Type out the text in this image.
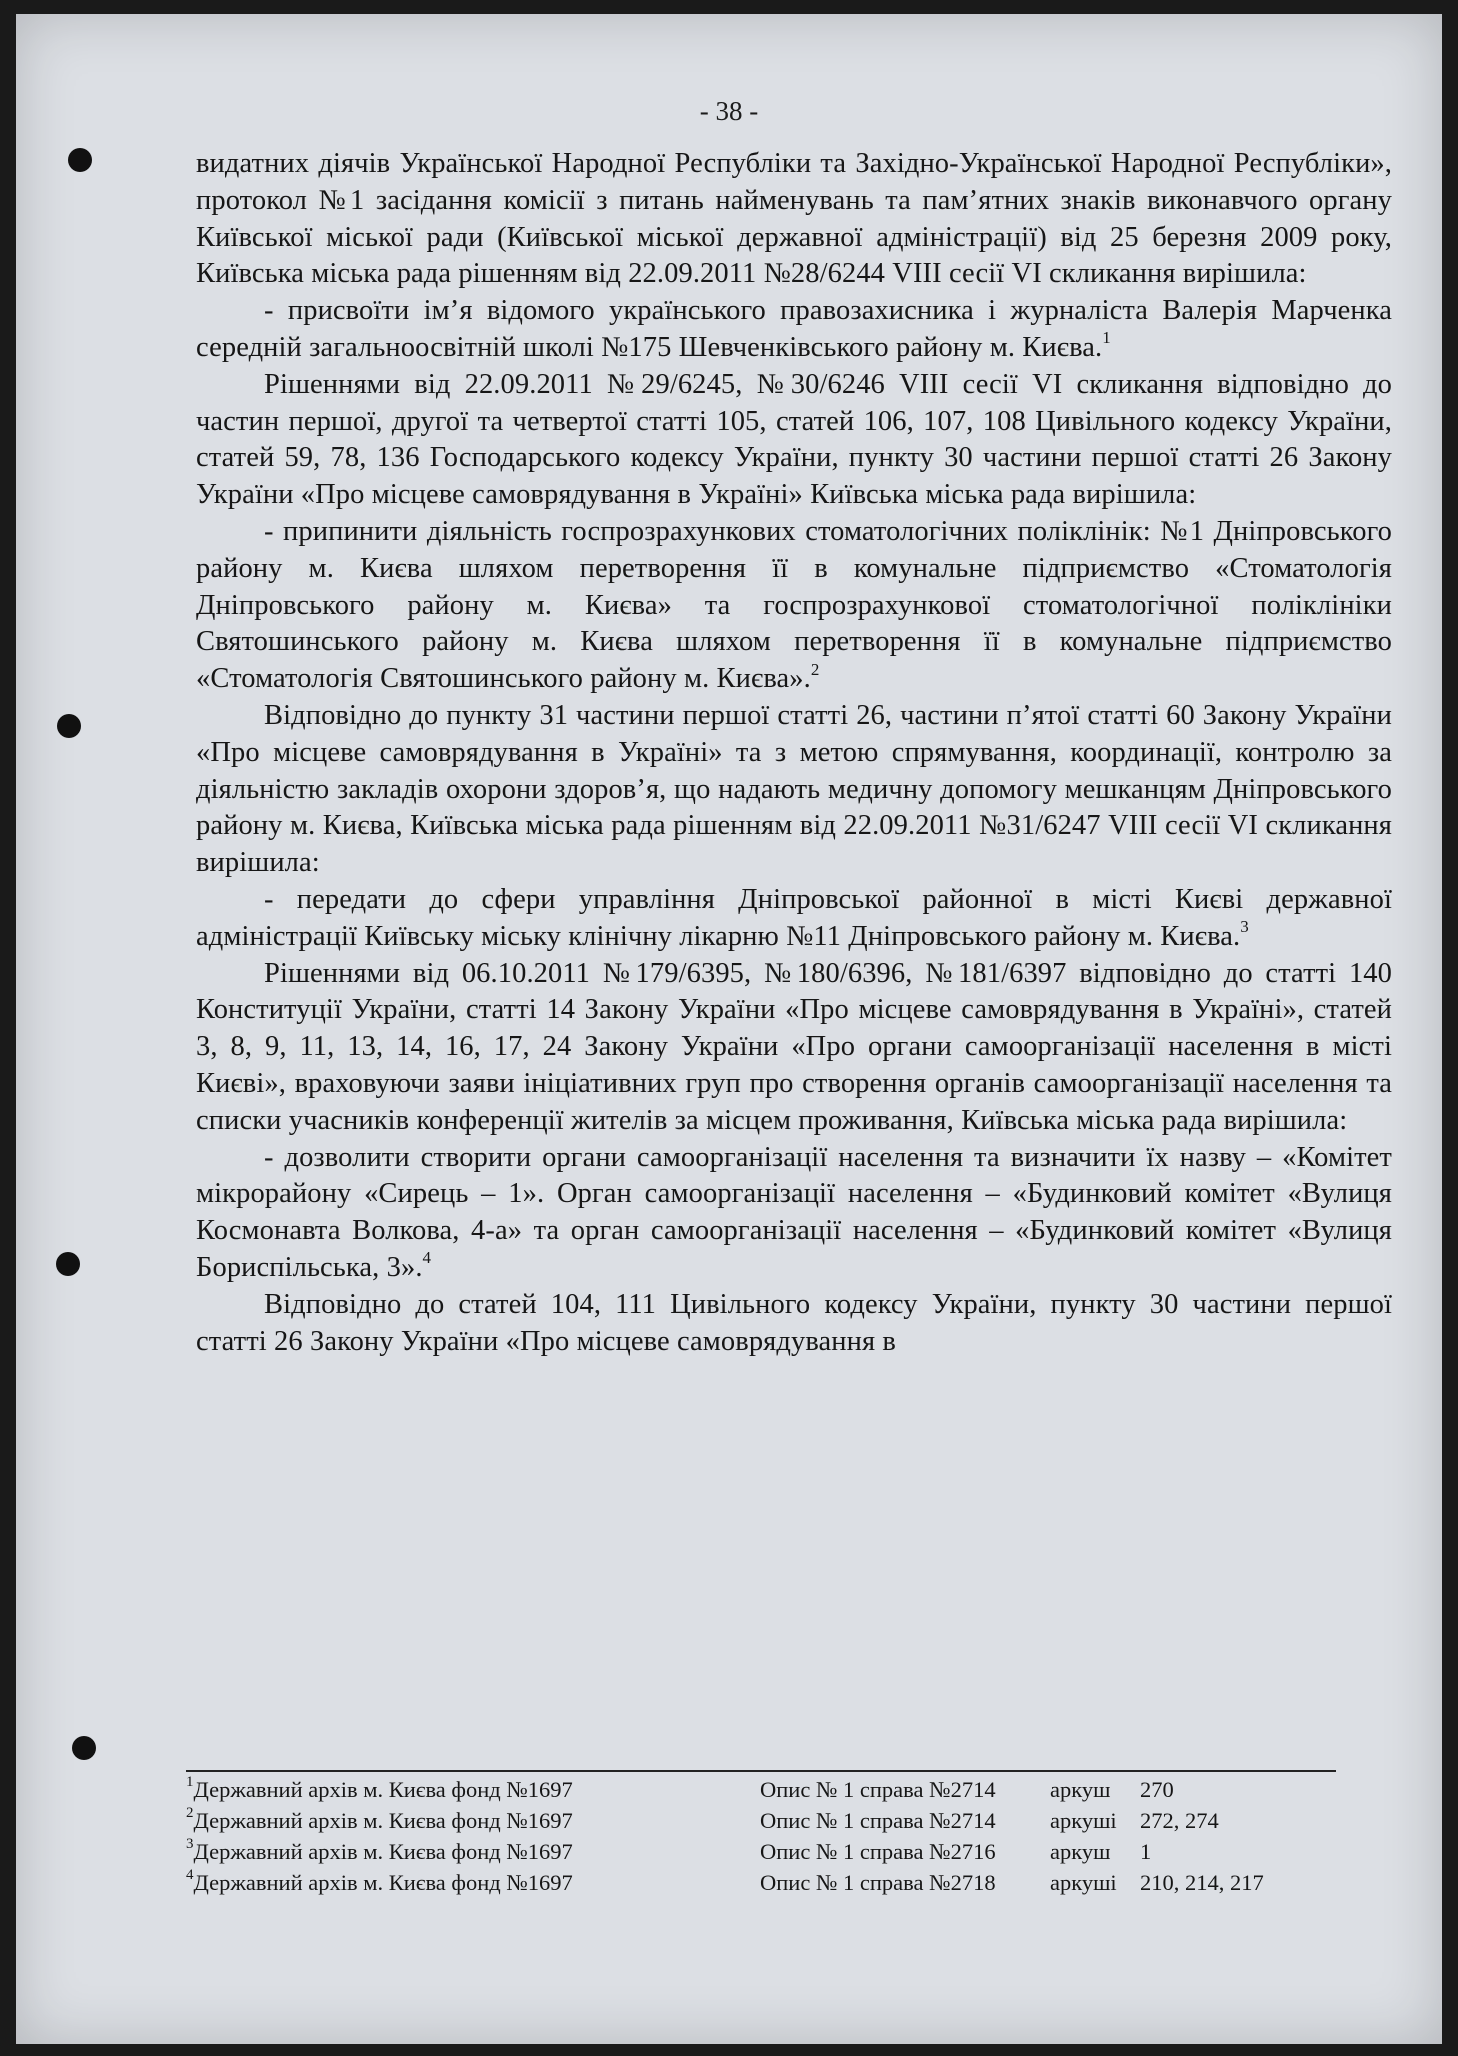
- 38 -

видатних діячів Української Народної Республіки та Західно-Української Народної Республіки», протокол №1 засідання комісії з питань найменувань та пам’ятних знаків виконавчого органу Київської міської ради (Київської міської державної адміністрації) від 25 березня 2009 року, Київська міська рада рішенням від 22.09.2011 №28/6244 VIII сесії VI скликання вирішила:

- присвоїти ім’я відомого українського правозахисника і журналіста Валерія Марченка середній загальноосвітній школі №175 Шевченківського району м. Києва.$^1$

Рішеннями від 22.09.2011 №29/6245, №30/6246 VIII сесії VI скликання відповідно до частин першої, другої та четвертої статті 105, статей 106, 107, 108 Цивільного кодексу України, статей 59, 78, 136 Господарського кодексу України, пункту 30 частини першої статті 26 Закону України «Про місцеве самоврядування в Україні» Київська міська рада вирішила:

- припинити діяльність госпрозрахункових стоматологічних поліклінік: №1 Дніпровського району м. Києва шляхом перетворення її в комунальне підприємство «Стоматологія Дніпровського району м. Києва» та госпрозрахункової стоматологічної поліклініки Святошинського району м. Києва шляхом перетворення її в комунальне підприємство «Стоматологія Святошинського району м. Києва».$^2$

Відповідно до пункту 31 частини першої статті 26, частини п’ятої статті 60 Закону України «Про місцеве самоврядування в Україні» та з метою спрямування, координації, контролю за діяльністю закладів охорони здоров’я, що надають медичну допомогу мешканцям Дніпровського району м. Києва, Київська міська рада рішенням від 22.09.2011 №31/6247 VIII сесії VI скликання вирішила:

- передати до сфери управління Дніпровської районної в місті Києві державної адміністрації Київську міську клінічну лікарню №11 Дніпровського району м. Києва.$^3$

Рішеннями від 06.10.2011 №179/6395, №180/6396, №181/6397 відповідно до статті 140 Конституції України, статті 14 Закону України «Про місцеве самоврядування в Україні», статей 3, 8, 9, 11, 13, 14, 16, 17, 24 Закону України «Про органи самоорганізації населення в місті Києві», враховуючи заяви ініціативних груп про створення органів самоорганізації населення та списки учасників конференції жителів за місцем проживання, Київська міська рада вирішила:

- дозволити створити органи самоорганізації населення та визначити їх назву – «Комітет мікрорайону «Сирець – 1». Орган самоорганізації населення – «Будинковий комітет «Вулиця Космонавта Волкова, 4-а» та орган самоорганізації населення – «Будинковий комітет «Вулиця Бориспільська, 3».$^4$

Відповідно до статей 104, 111 Цивільного кодексу України, пункту 30 частини першої статті 26 Закону України «Про місцеве самоврядування в

$^1$Державний архів м. Києва фонд №1697	Опис № 1 справа №2714	аркуш	270
$^2$Державний архів м. Києва фонд №1697	Опис № 1 справа №2714	аркуші	272, 274
$^3$Державний архів м. Києва фонд №1697	Опис № 1 справа №2716	аркуш	1
$^4$Державний архів м. Києва фонд №1697	Опис № 1 справа №2718	аркуші	210, 214, 217
